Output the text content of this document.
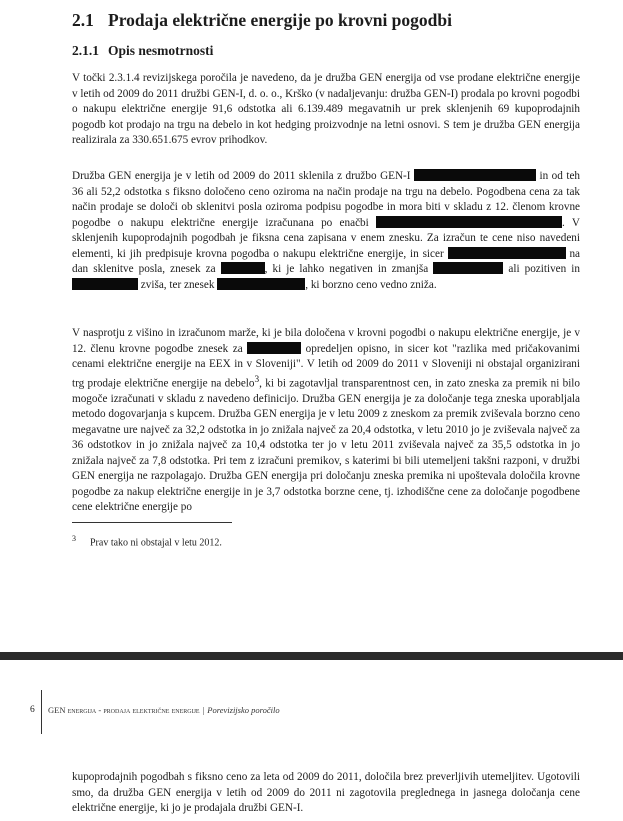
2.1 Prodaja električne energije po krovni pogodbi
2.1.1 Opis nesmotrnosti

V točki 2.3.1.4 revizijskega poročila je navedeno, da je družba GEN energija od vse prodane električne energije v letih od 2009 do 2011 družbi GEN-I, d. o. o., Krško (v nadaljevanju: družba GEN-I) prodala po krovni pogodbi o nakupu električne energije 91,6 odstotka ali 6.139.489 megavatnih ur prek sklenjenih 69 kupoprodajnih pogodb kot prodajo na trgu na debelo in kot hedging proizvodnje na letni osnovi. S tem je družba GEN energija realizirala za 330.651.675 evrov prihodkov.

Družba GEN energija je v letih od 2009 do 2011 sklenila z družbo GEN-I	in od teh 36 ali 52,2 odstotka s fiksno določeno ceno oziroma na način prodaje na trgu na debelo. Pogodbena cena za tak način prodaje se določi ob sklenitvi posla oziroma podpisu pogodbe in mora biti v skladu z 12. členom krovne pogodbe o nakupu električne energije izračunana po enačbi	. V sklenjenih kupoprodajnih pogodbah je fiksna cena zapisana v enem znesku. Za izračun te cene niso navedeni elementi, ki jih predpisuje krovna pogodba o nakupu električne energije, in sicer	na dan sklenitve posla, znesek za	, ki je lahko negativen in zmanjša	ali pozitiven in  zviša, ter znesek	, ki borzno ceno vedno zniža.

V nasprotju z višino in izračunom marže, ki je bila določena v krovni pogodbi o nakupu električne energije, je v 12. členu krovne pogodbe znesek za	opredeljen opisno, in sicer kot "razlika med pričakovanimi cenami električne energije na EEX in v Sloveniji". V letih od 2009 do 2011 v Sloveniji ni obstajal organizirani trg prodaje električne energije na debelo$^3$, ki bi zagotavljal transparentnost cen, in zato zneska za premik ni bilo mogoče izračunati v skladu z navedeno definicijo. Družba GEN energija je za določanje tega zneska uporabljala metodo dogovarjanja s kupcem. Družba GEN energija je v letu 2009 z zneskom za premik zviševala borzno ceno megavatne ure največ za 32,2 odstotka in jo znižala največ za 20,4 odstotka, v letu 2010 jo je zviševala največ za 36 odstotkov in jo znižala največ za 10,4 odstotka ter jo v letu 2011 zviševala največ za 35,5 odstotka in jo znižala največ za 7,8 odstotka. Pri tem z izračuni premikov, s katerimi bi bili utemeljeni takšni razponi, v družbi GEN energija ne razpolagajo. Družba GEN energija pri določanju zneska premika ni upoštevala določila krovne pogodbe za nakup električne energije in je 3,7 odstotka borzne cene, tj. izhodiščne cene za določanje pogodbene cene električne energije po

$^3$ Prav tako ni obstajal v letu 2012.
6 GEN energija - prodaja električne energije | Porevizijsko poročilo

kupoprodajnih pogodbah s fiksno ceno za leta od 2009 do 2011, določila brez preverljivih utemeljitev. Ugotovili smo, da družba GEN energija v letih od 2009 do 2011 ni zagotovila preglednega in jasnega določanja cene električne energije, ki jo je prodajala družbi GEN-I.
